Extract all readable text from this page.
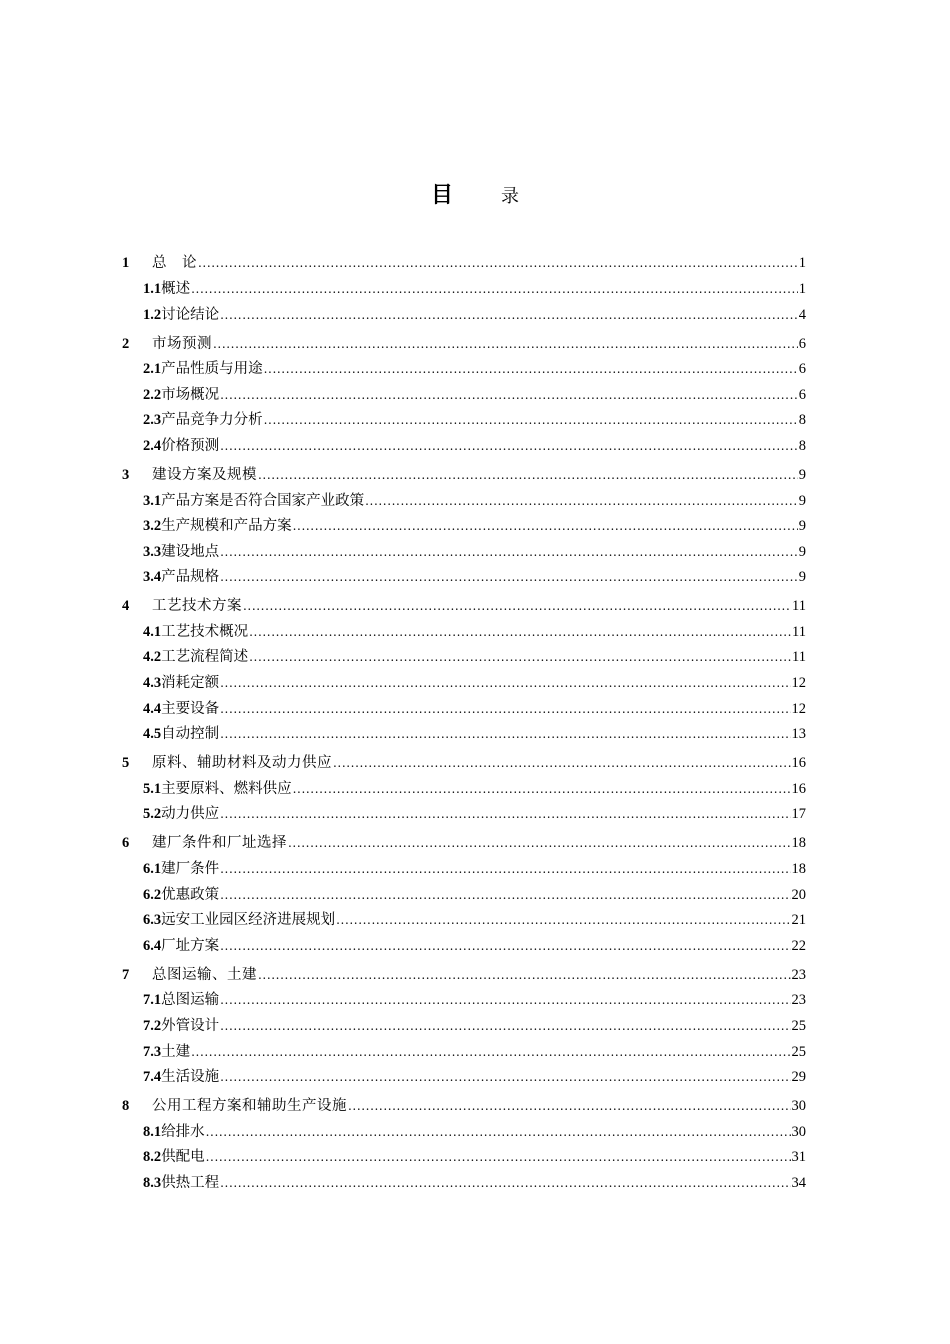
目	录
1	总　论 .....	1
1.1 概述 .....	1
1.2 讨论结论 .....	4
2	市场预测 .....	6
2.1 产品性质与用途 .....	6
2.2 市场概况 .....	6
2.3 产品竞争力分析 .....	8
2.4 价格预测 .....	8
3	建设方案及规模 .....	9
3.1 产品方案是否符合国家产业政策 .....	9
3.2 生产规模和产品方案 .....	9
3.3 建设地点 .....	9
3.4 产品规格 .....	9
4	工艺技术方案 .....	11
4.1 工艺技术概况 .....	11
4.2 工艺流程简述 .....	11
4.3 消耗定额 .....	12
4.4 主要设备 .....	12
4.5 自动控制 .....	13
5	原料、辅助材料及动力供应 .....	16
5.1 主要原料、燃料供应 .....	16
5.2 动力供应 .....	17
6	建厂条件和厂址选择 .....	18
6.1 建厂条件 .....	18
6.2 优惠政策 .....	20
6.3 远安工业园区经济进展规划 .....	21
6.4 厂址方案 .....	22
7	总图运输、土建 .....	23
7.1 总图运输 .....	23
7.2 外管设计 .....	25
7.3 土建 .....	25
7.4 生活设施 .....	29
8	公用工程方案和辅助生产设施 .....	30
8.1 给排水 .....	30
8.2 供配电 .....	31
8.3 供热工程 .....	34
